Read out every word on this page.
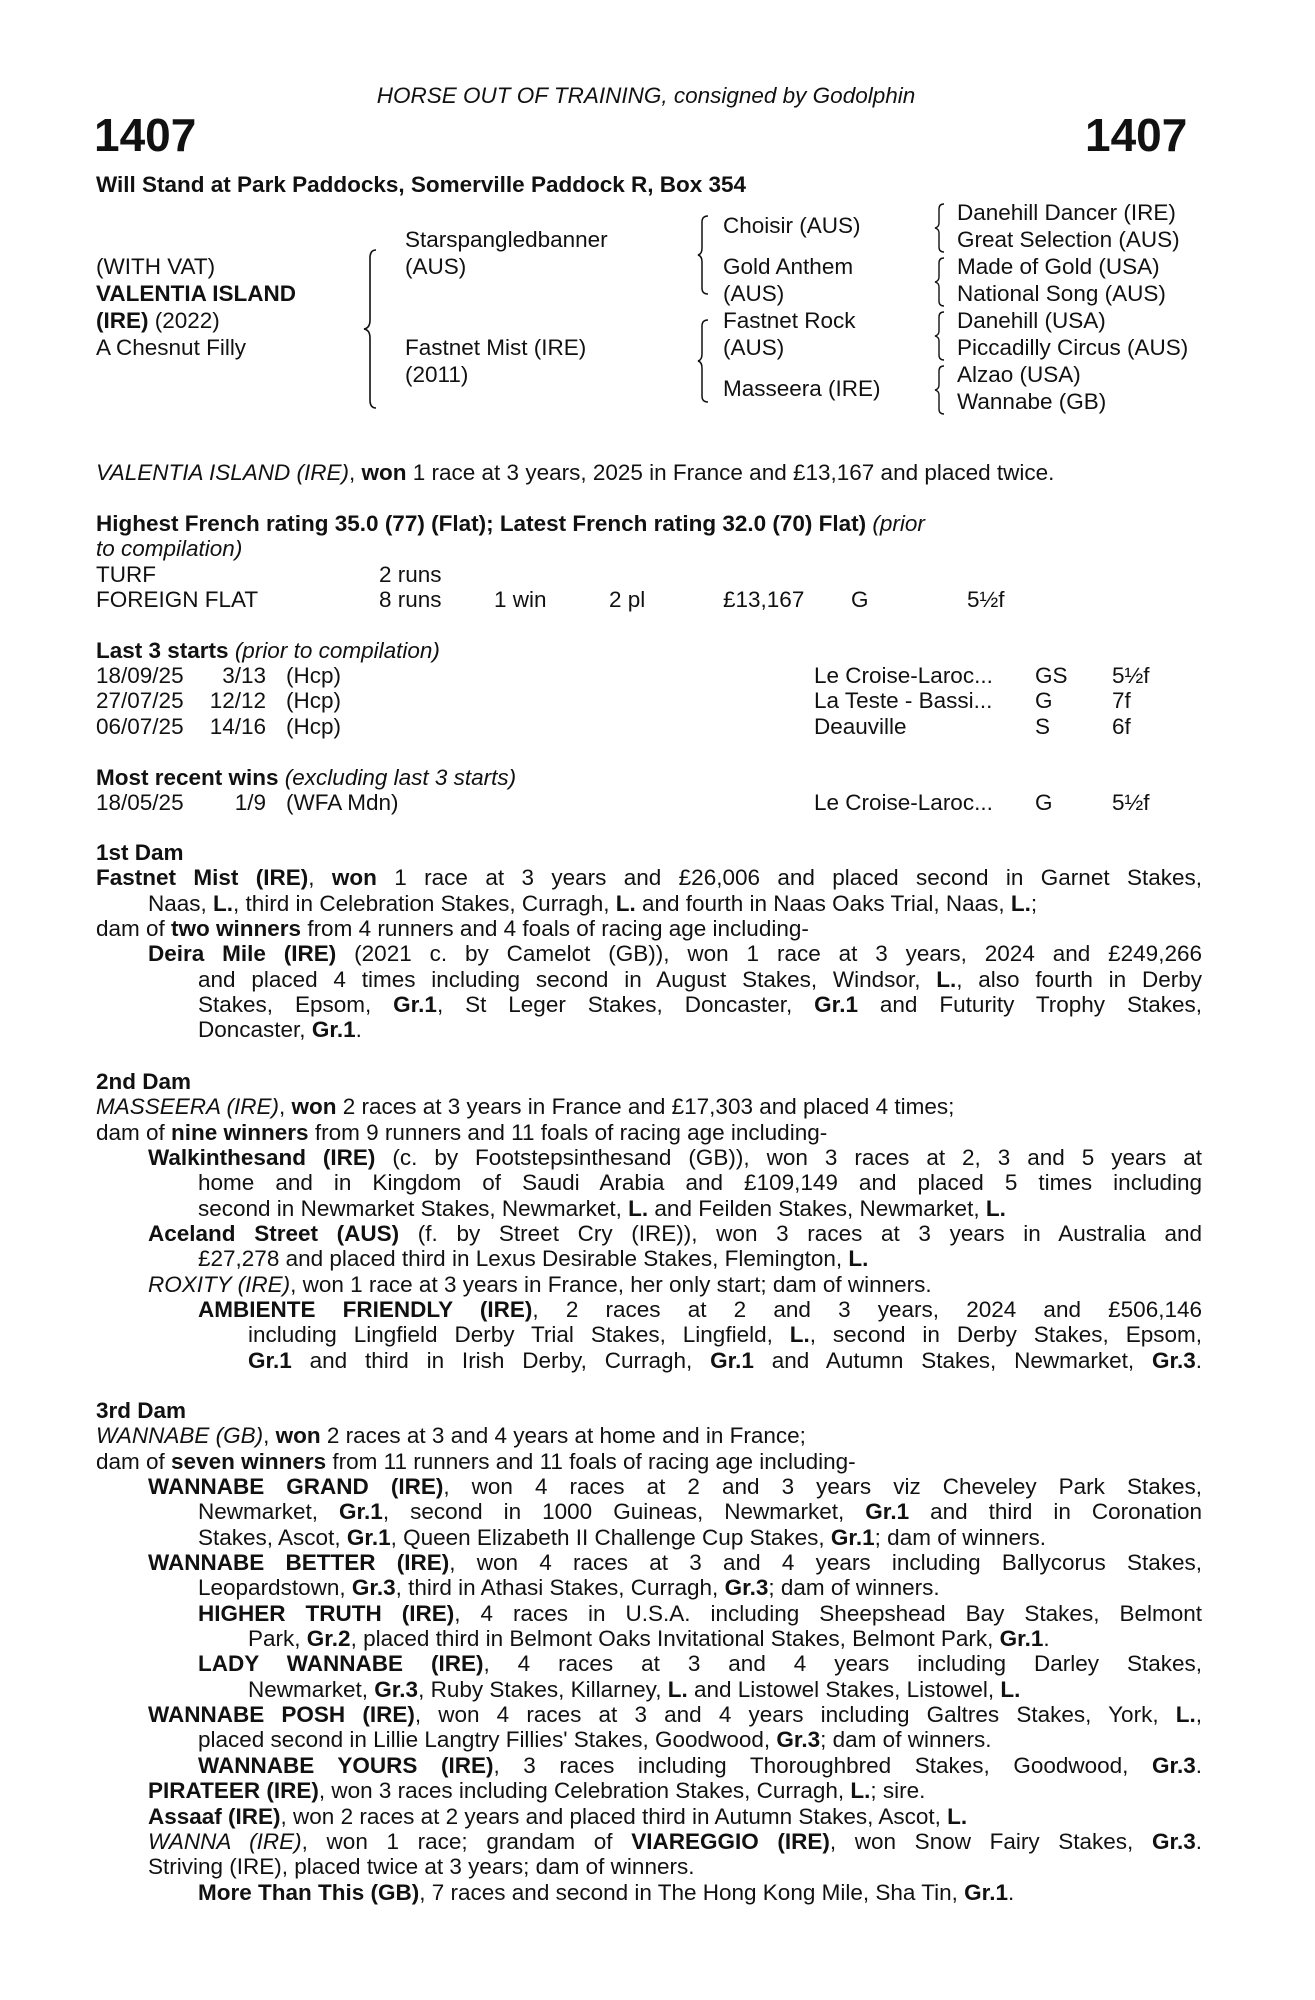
HORSE OUT OF TRAINING, consigned by Godolphin
1407	1407
Will Stand at Park Paddocks, Somerville Paddock R, Box 354
(WITH VAT)
VALENTIA ISLAND
(IRE) (2022)
A Chesnut Filly
Starspangledbanner
(AUS)
Fastnet Mist (IRE)
(2011)
Choisir (AUS)
Gold Anthem
(AUS)
Fastnet Rock
(AUS)
Masseera (IRE)
Danehill Dancer (IRE)
Great Selection (AUS)
Made of Gold (USA)
National Song (AUS)
Danehill (USA)
Piccadilly Circus (AUS)
Alzao (USA)
Wannabe (GB)
VALENTIA ISLAND (IRE), won 1 race at 3 years, 2025 in France and £13,167 and placed twice.
Highest French rating 35.0 (77) (Flat); Latest French rating 32.0 (70) Flat) (prior
to compilation)
TURF	2 runs
FOREIGN FLAT	8 runs 1 win	2 pl	£13,167 G	5½f
Last 3 starts (prior to compilation)
18/09/25	3/13 (Hcp)	Le Croise-Laroc... GS 5½f
27/07/25	12/12 (Hcp)	La Teste - Bassi... G	7f
06/07/25	14/16 (Hcp)	Deauville	S	6f
Most recent wins (excluding last 3 starts)
18/05/25	1/9 (WFA Mdn)	Le Croise-Laroc... G	5½f
1st Dam
Fastnet Mist (IRE), won 1 race at 3 years and £26,006 and placed second in Garnet Stakes,
Naas, L., third in Celebration Stakes, Curragh, L. and fourth in Naas Oaks Trial, Naas, L.;
dam of two winners from 4 runners and 4 foals of racing age including-
Deira Mile (IRE) (2021 c. by Camelot (GB)), won 1 race at 3 years, 2024 and £249,266
and placed 4 times including second in August Stakes, Windsor, L., also fourth in Derby
Stakes, Epsom, Gr.1, St Leger Stakes, Doncaster, Gr.1 and Futurity Trophy Stakes,
Doncaster, Gr.1.
2nd Dam
MASSEERA (IRE), won 2 races at 3 years in France and £17,303 and placed 4 times;
dam of nine winners from 9 runners and 11 foals of racing age including-
Walkinthesand (IRE) (c. by Footstepsinthesand (GB)), won 3 races at 2, 3 and 5 years at
home and in Kingdom of Saudi Arabia and £109,149 and placed 5 times including
second in Newmarket Stakes, Newmarket, L. and Feilden Stakes, Newmarket, L.
Aceland Street (AUS) (f. by Street Cry (IRE)), won 3 races at 3 years in Australia and
£27,278 and placed third in Lexus Desirable Stakes, Flemington, L.
ROXITY (IRE), won 1 race at 3 years in France, her only start; dam of winners.
AMBIENTE FRIENDLY (IRE), 2 races at 2 and 3 years, 2024 and £506,146
including Lingfield Derby Trial Stakes, Lingfield, L., second in Derby Stakes, Epsom,
Gr.1 and third in Irish Derby, Curragh, Gr.1 and Autumn Stakes, Newmarket, Gr.3.
3rd Dam
WANNABE (GB), won 2 races at 3 and 4 years at home and in France;
dam of seven winners from 11 runners and 11 foals of racing age including-
WANNABE GRAND (IRE), won 4 races at 2 and 3 years viz Cheveley Park Stakes,
Newmarket, Gr.1, second in 1000 Guineas, Newmarket, Gr.1 and third in Coronation
Stakes, Ascot, Gr.1, Queen Elizabeth II Challenge Cup Stakes, Gr.1; dam of winners.
WANNABE BETTER (IRE), won 4 races at 3 and 4 years including Ballycorus Stakes,
Leopardstown, Gr.3, third in Athasi Stakes, Curragh, Gr.3; dam of winners.
HIGHER TRUTH (IRE), 4 races in U.S.A. including Sheepshead Bay Stakes, Belmont
Park, Gr.2, placed third in Belmont Oaks Invitational Stakes, Belmont Park, Gr.1.
LADY WANNABE (IRE), 4 races at 3 and 4 years including Darley Stakes,
Newmarket, Gr.3, Ruby Stakes, Killarney, L. and Listowel Stakes, Listowel, L.
WANNABE POSH (IRE), won 4 races at 3 and 4 years including Galtres Stakes, York, L.,
placed second in Lillie Langtry Fillies' Stakes, Goodwood, Gr.3; dam of winners.
WANNABE YOURS (IRE), 3 races including Thoroughbred Stakes, Goodwood, Gr.3.
PIRATEER (IRE), won 3 races including Celebration Stakes, Curragh, L.; sire.
Assaaf (IRE), won 2 races at 2 years and placed third in Autumn Stakes, Ascot, L.
WANNA (IRE), won 1 race; grandam of VIAREGGIO (IRE), won Snow Fairy Stakes, Gr.3.
Striving (IRE), placed twice at 3 years; dam of winners.
More Than This (GB), 7 races and second in The Hong Kong Mile, Sha Tin, Gr.1.
